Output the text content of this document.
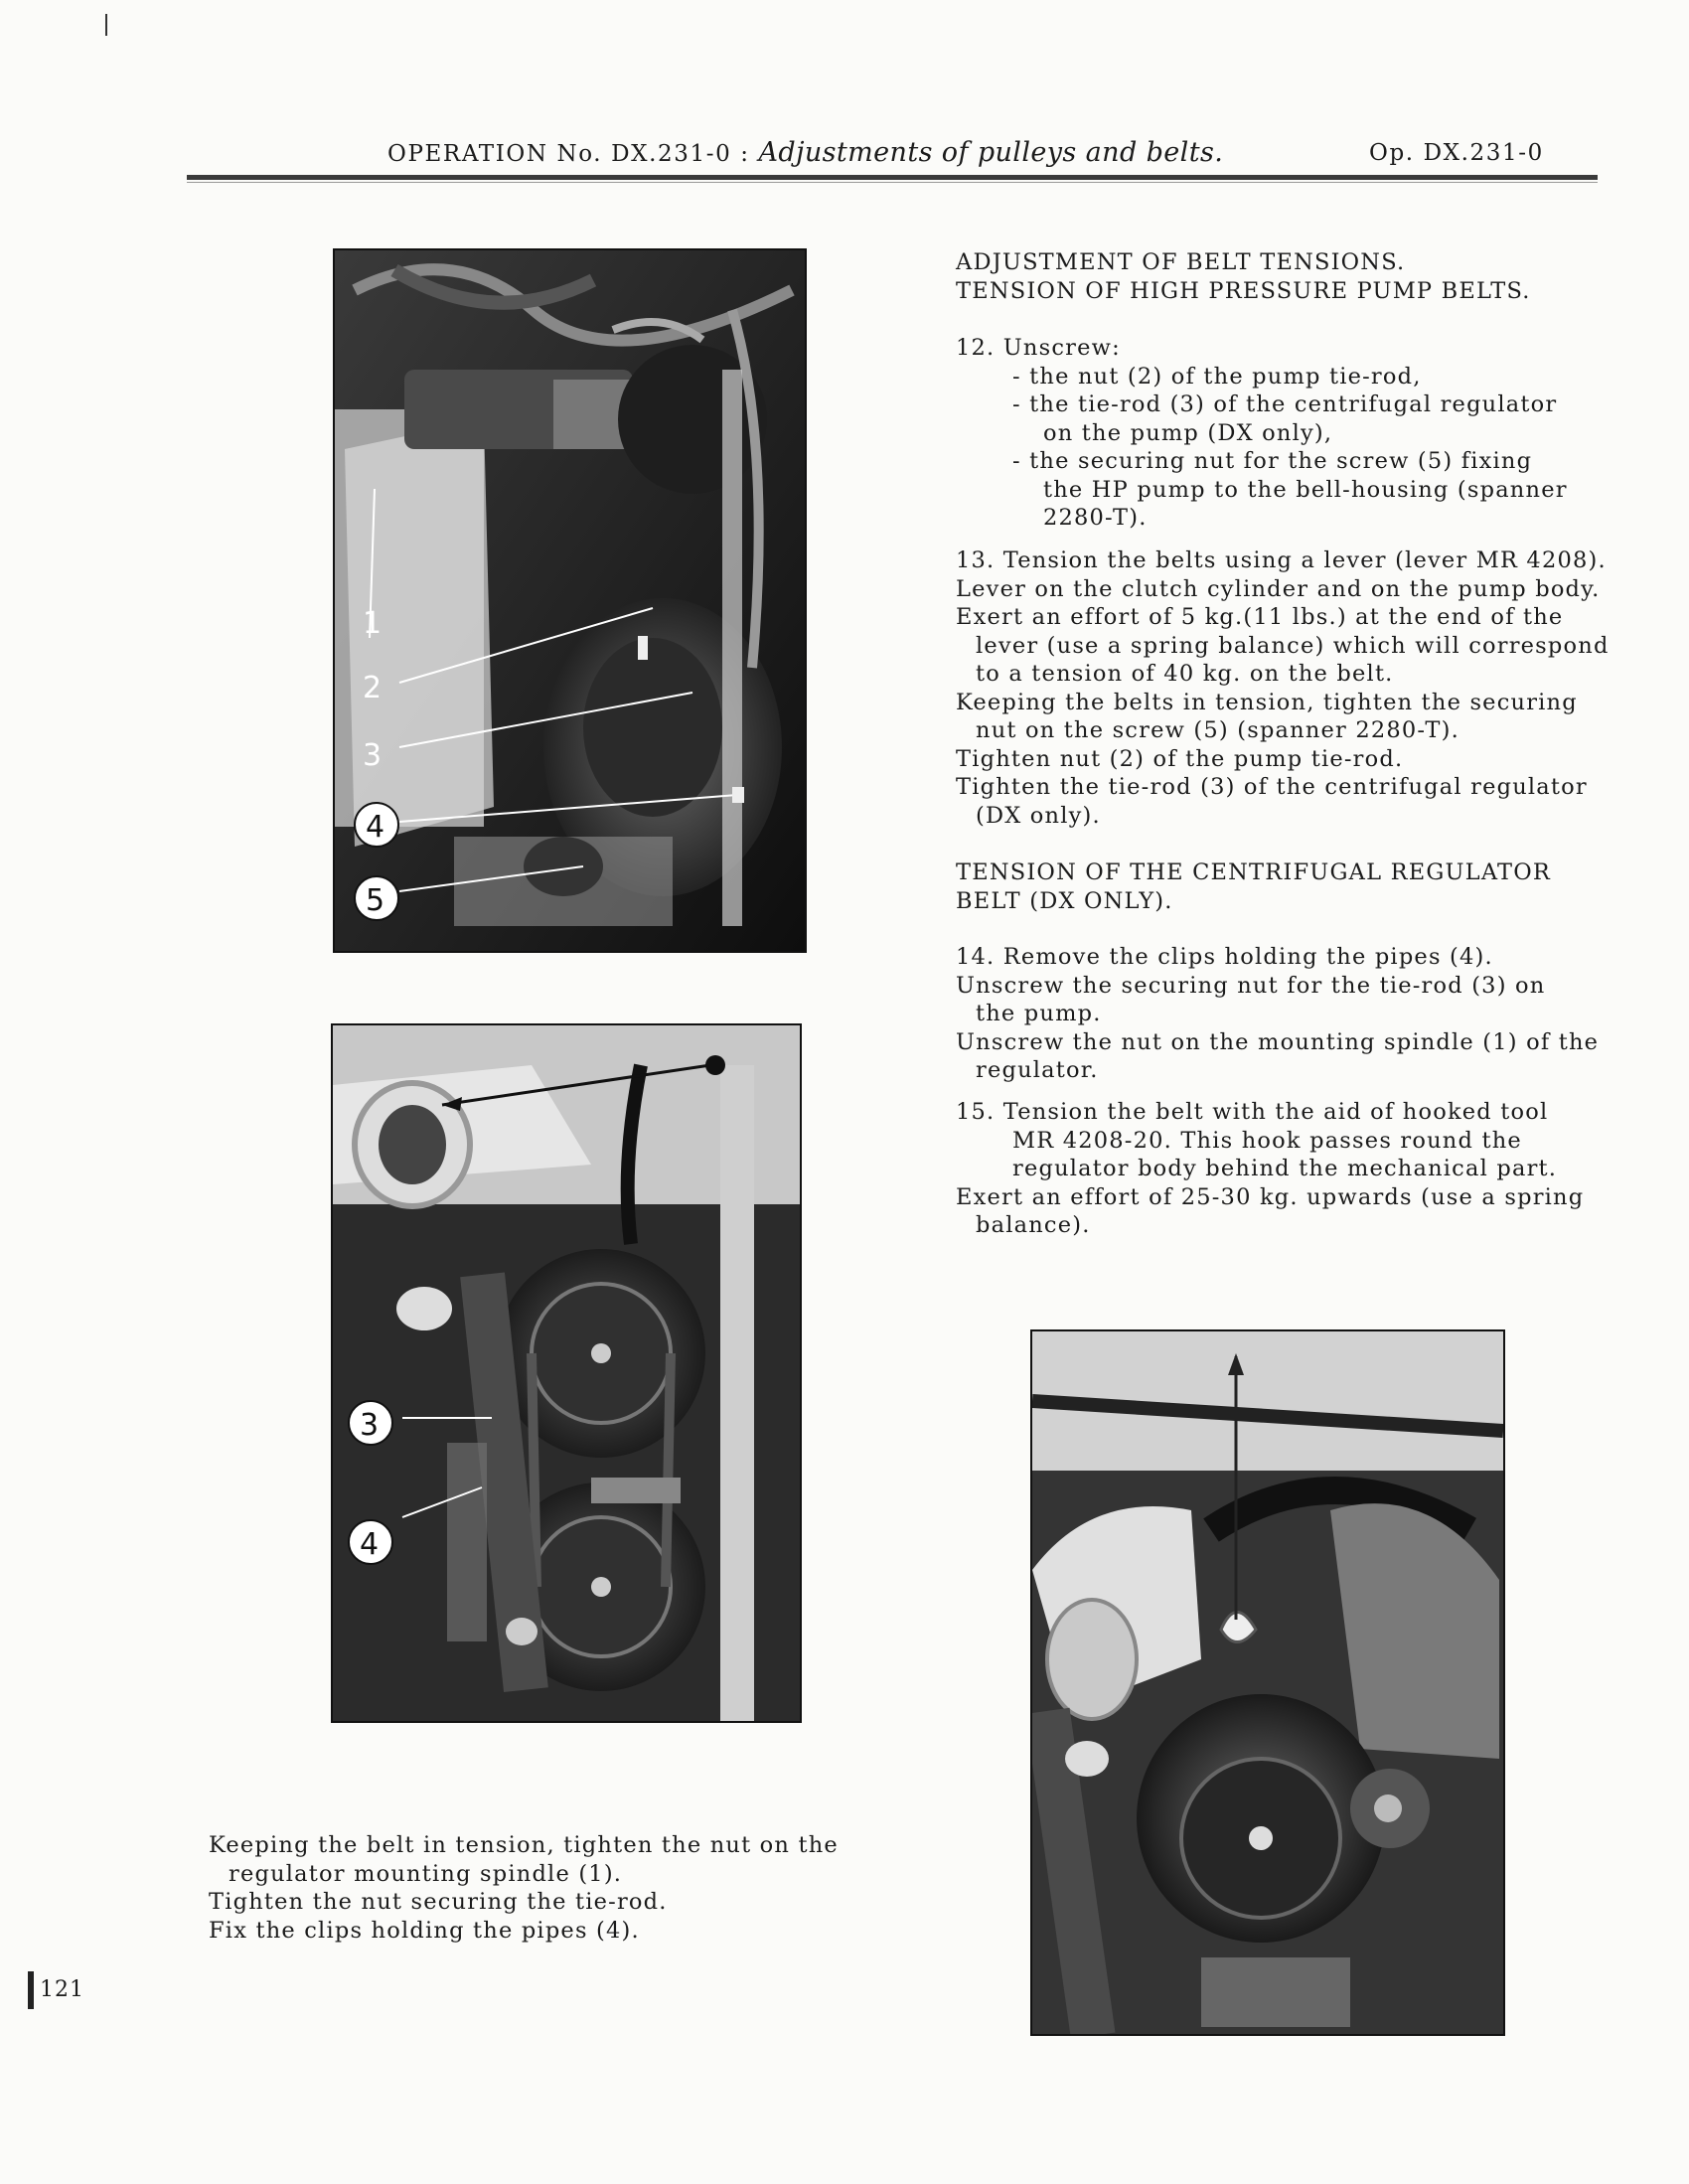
OPERATION No. DX.231-0 : Adjustments of pulleys and belts.	Op. DX.231-0
1
2
3
4
5
3
4

ADJUSTMENT OF BELT TENSIONS.

TENSION OF HIGH PRESSURE PUMP BELTS.

12. Unscrew:

- the nut (2) of the pump tie-rod,

- the tie-rod (3) of the centrifugal regulator

on the pump (DX only),

- the securing nut for the screw (5) fixing

the HP pump to the bell-housing (spanner

2280-T).

13. Tension the belts using a lever (lever MR 4208).

Lever on the clutch cylinder and on the pump body.

Exert an effort of 5 kg.(11 lbs.) at the end of the

lever (use a spring balance) which will correspond

to a tension of 40 kg. on the belt.

Keeping the belts in tension, tighten the securing

nut on the screw (5) (spanner 2280-T).

Tighten nut (2) of the pump tie-rod.

Tighten the tie-rod (3) of the centrifugal regulator

(DX only).

TENSION OF THE CENTRIFUGAL REGULATOR

BELT (DX ONLY).

14. Remove the clips holding the pipes (4).

Unscrew the securing nut for the tie-rod (3) on

the pump.

Unscrew the nut on the mounting spindle (1) of the

regulator.

15. Tension the belt with the aid of hooked tool

MR 4208-20. This hook passes round the

regulator body behind the mechanical part.

Exert an effort of 25-30 kg. upwards (use a spring

balance).

Keeping the belt in tension, tighten the nut on the

regulator mounting spindle (1).

Tighten the nut securing the tie-rod.

Fix the clips holding the pipes (4).

121
